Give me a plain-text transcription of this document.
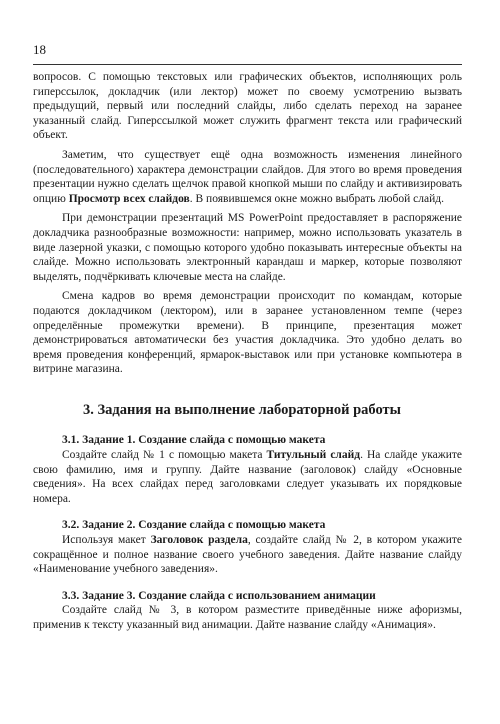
18

вопросов. С помощью текстовых или графических объектов, исполняющих роль гиперссылок, докладчик (или лектор) может по своему усмотрению вызвать предыдущий, первый или последний слайды, либо сделать переход на заранее указанный слайд. Гиперссылкой может служить фрагмент текста или графический объект.

Заметим, что существует ещё одна возможность изменения линейного (последовательного) характера демонстрации слайдов. Для этого во время проведения презентации нужно сделать щелчок правой кнопкой мыши по слайду и активизировать опцию Просмотр всех слайдов. В появившемся окне можно выбрать любой слайд.

При демонстрации презентаций MS PowerPoint предоставляет в распоряжение докладчика разнообразные возможности: например, можно использовать указатель в виде лазерной указки, с помощью которого удобно показывать интересные объекты на слайде. Можно использовать электронный карандаш и маркер, которые позволяют выделять, подчёркивать ключевые места на слайде.

Смена кадров во время демонстрации происходит по командам, которые подаются докладчиком (лектором), или в заранее установленном темпе (через определённые промежутки времени). В принципе, презентация может демонстрироваться автоматически без участия докладчика. Это удобно делать во время проведения конференций, ярмарок-выставок или при установке компьютера в витрине магазина.

3. Задания на выполнение лабораторной работы
3.1. Задание 1. Создание слайда с помощью макета

Создайте слайд № 1 с помощью макета Титульный слайд. На слайде укажите свою фамилию, имя и группу. Дайте название (заголовок) слайду «Основные сведения». На всех слайдах перед заголовками следует указывать их порядковые номера.

3.2. Задание 2. Создание слайда с помощью макета

Используя макет Заголовок раздела, создайте слайд № 2, в котором укажите сокращённое и полное название своего учебного заведения. Дайте название слайду «Наименование учебного заведения».

3.3. Задание 3. Создание слайда с использованием анимации

Создайте слайд № 3, в котором разместите приведённые ниже афоризмы, применив к тексту указанный вид анимации. Дайте название слайду «Анимация».
